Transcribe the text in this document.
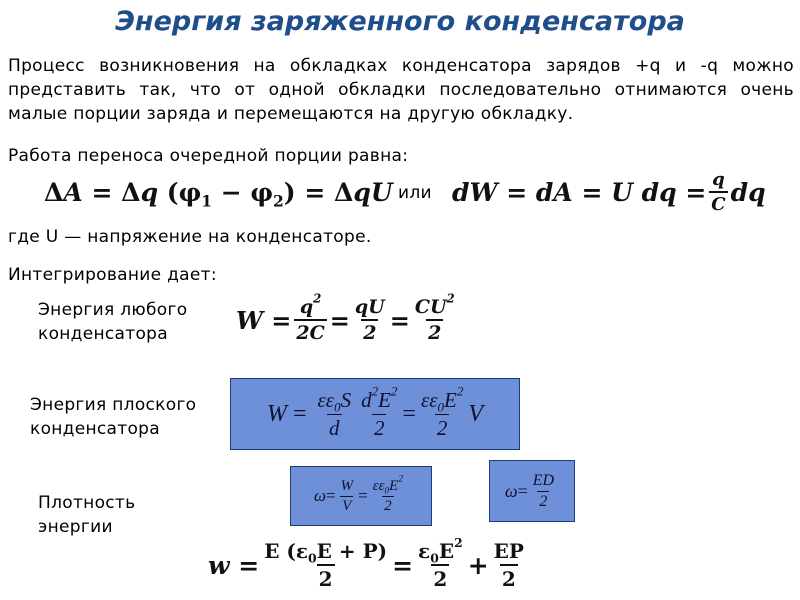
Энергия заряженного конденсатора
Процесс возникновения на обкладках конденсатора зарядов +q и -q можно представить так, что от одной обкладки последовательно отнимаются очень малые порции заряда и перемещаются на другую обкладку.
Работа переноса очередной порции равна:
Δ A = Δ q $(\varphi_1 - \varphi_2) = \Delta$ qU или dW = dA = U dq = $\frac{q}{C}$ dq
где U — напряжение на конденсаторе.
Интегрирование дает:
Энергия любого конденсатора	$W = \frac{q^2}{2C} = \frac{qU}{2} = \frac{CU^2}{2}$
Энергия плоского конденсатора
$W = \frac{\varepsilon\varepsilon_0S}{d} \frac{d^2E^2}{2} = \frac{\varepsilon\varepsilon_0E^2}{2}$ V
Плотность энергии
$\omega = \frac{W}{V} = \frac{\varepsilon\varepsilon_0E^2}{2}$	$\omega = \frac{ED}{2}$
$w = \frac{E (\varepsilon_0E + P)}{2} = \frac{\varepsilon_0E^2}{2} + \frac{EP}{2}$
